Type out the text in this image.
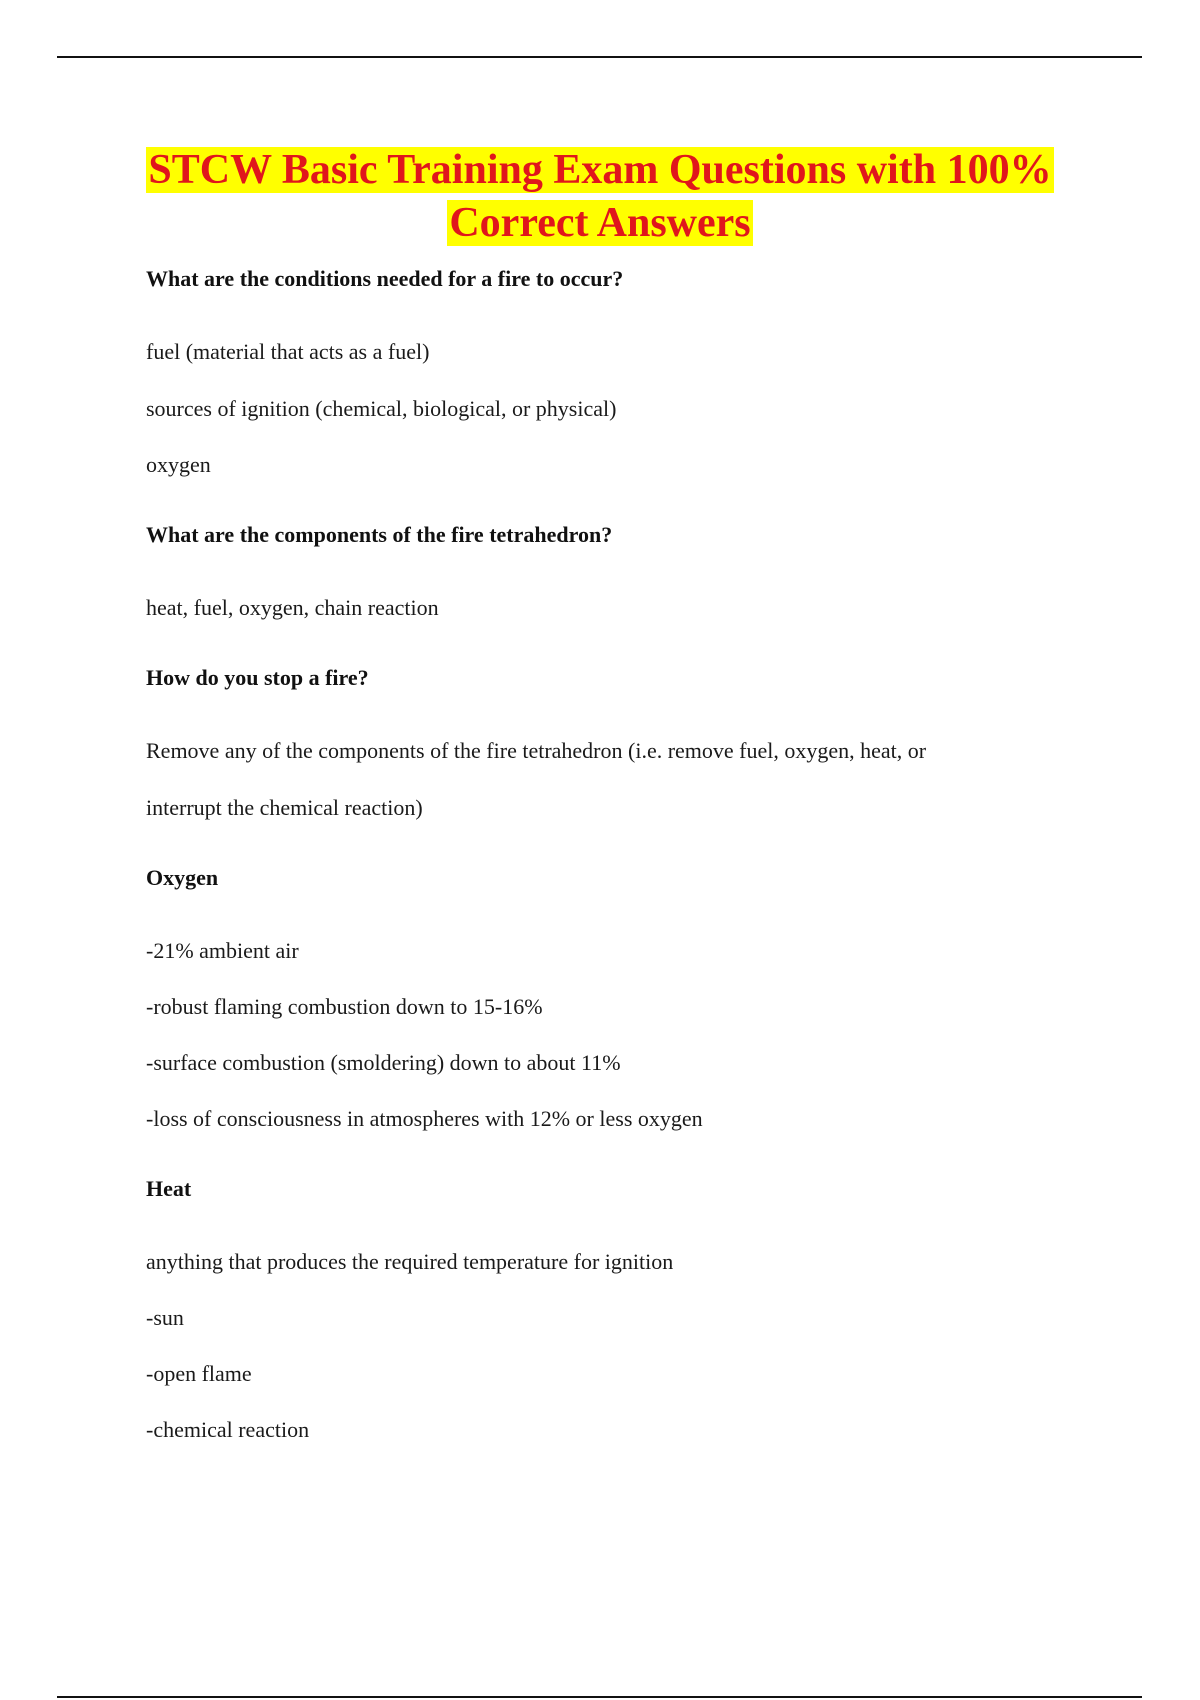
STCW Basic Training Exam Questions with 100%
Correct Answers

What are the conditions needed for a fire to occur?

fuel (material that acts as a fuel)

sources of ignition (chemical, biological, or physical)

oxygen

What are the components of the fire tetrahedron?

heat, fuel, oxygen, chain reaction

How do you stop a fire?

Remove any of the components of the fire tetrahedron (i.e. remove fuel, oxygen, heat, or

interrupt the chemical reaction)

Oxygen

-21% ambient air

-robust flaming combustion down to 15-16%

-surface combustion (smoldering) down to about 11%

-loss of consciousness in atmospheres with 12% or less oxygen

Heat

anything that produces the required temperature for ignition

-sun

-open flame

-chemical reaction
